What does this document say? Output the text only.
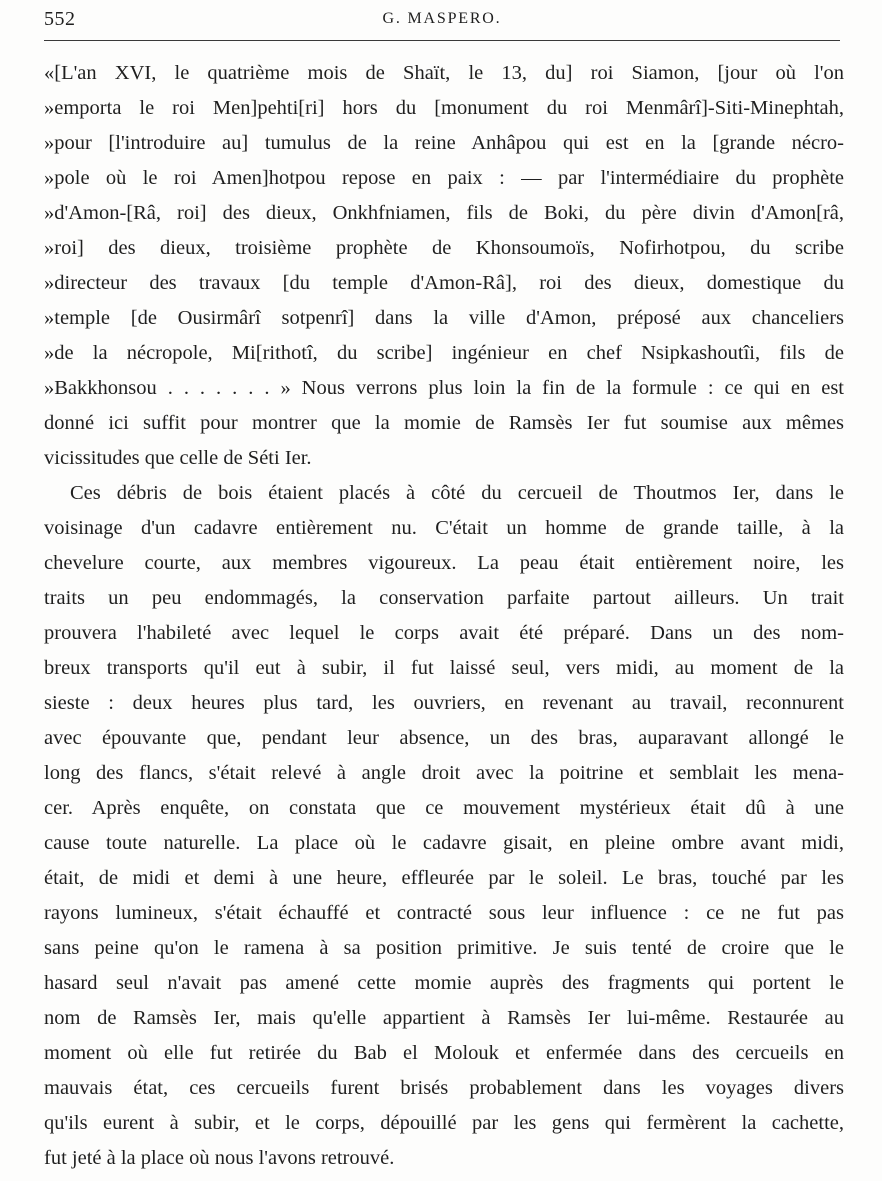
552	G. MASPERO.
«[L'an XVI, le quatrième mois de Shaït, le 13, du] roi Siamon, [jour où l'on
»emporta le roi Men]pehti[ri] hors du [monument du roi Menmârî]-Siti-Minephtah,
»pour [l'introduire au] tumulus de la reine Anhâpou qui est en la [grande nécro-
»pole où le roi Amen]hotpou repose en paix : — par l'intermédiaire du prophète
»d'Amon-[Râ, roi] des dieux, Onkhfniamen, fils de Boki, du père divin d'Amon[râ,
»roi] des dieux, troisième prophète de Khonsoumoïs, Nofirhotpou, du scribe
»directeur des travaux [du temple d'Amon-Râ], roi des dieux, domestique du
»temple [de Ousirmârî sotpenrî] dans la ville d'Amon, préposé aux chanceliers
»de la nécropole, Mi[rithotî, du scribe] ingénieur en chef Nsipkashoutîi, fils de
»Bakkhonsou . . . . . . . » Nous verrons plus loin la fin de la formule : ce qui en est
donné ici suffit pour montrer que la momie de Ramsès Ier fut soumise aux mêmes
vicissitudes que celle de Séti Ier.
Ces débris de bois étaient placés à côté du cercueil de Thoutmos Ier, dans le
voisinage d'un cadavre entièrement nu. C'était un homme de grande taille, à la
chevelure courte, aux membres vigoureux. La peau était entièrement noire, les
traits un peu endommagés, la conservation parfaite partout ailleurs. Un trait
prouvera l'habileté avec lequel le corps avait été préparé. Dans un des nom-
breux transports qu'il eut à subir, il fut laissé seul, vers midi, au moment de la
sieste : deux heures plus tard, les ouvriers, en revenant au travail, reconnurent
avec épouvante que, pendant leur absence, un des bras, auparavant allongé le
long des flancs, s'était relevé à angle droit avec la poitrine et semblait les mena-
cer. Après enquête, on constata que ce mouvement mystérieux était dû à une
cause toute naturelle. La place où le cadavre gisait, en pleine ombre avant midi,
était, de midi et demi à une heure, effleurée par le soleil. Le bras, touché par les
rayons lumineux, s'était échauffé et contracté sous leur influence : ce ne fut pas
sans peine qu'on le ramena à sa position primitive. Je suis tenté de croire que le
hasard seul n'avait pas amené cette momie auprès des fragments qui portent le
nom de Ramsès Ier, mais qu'elle appartient à Ramsès Ier lui-même. Restaurée au
moment où elle fut retirée du Bab el Molouk et enfermée dans des cercueils en
mauvais état, ces cercueils furent brisés probablement dans les voyages divers
qu'ils eurent à subir, et le corps, dépouillé par les gens qui fermèrent la cachette,
fut jeté à la place où nous l'avons retrouvé.
